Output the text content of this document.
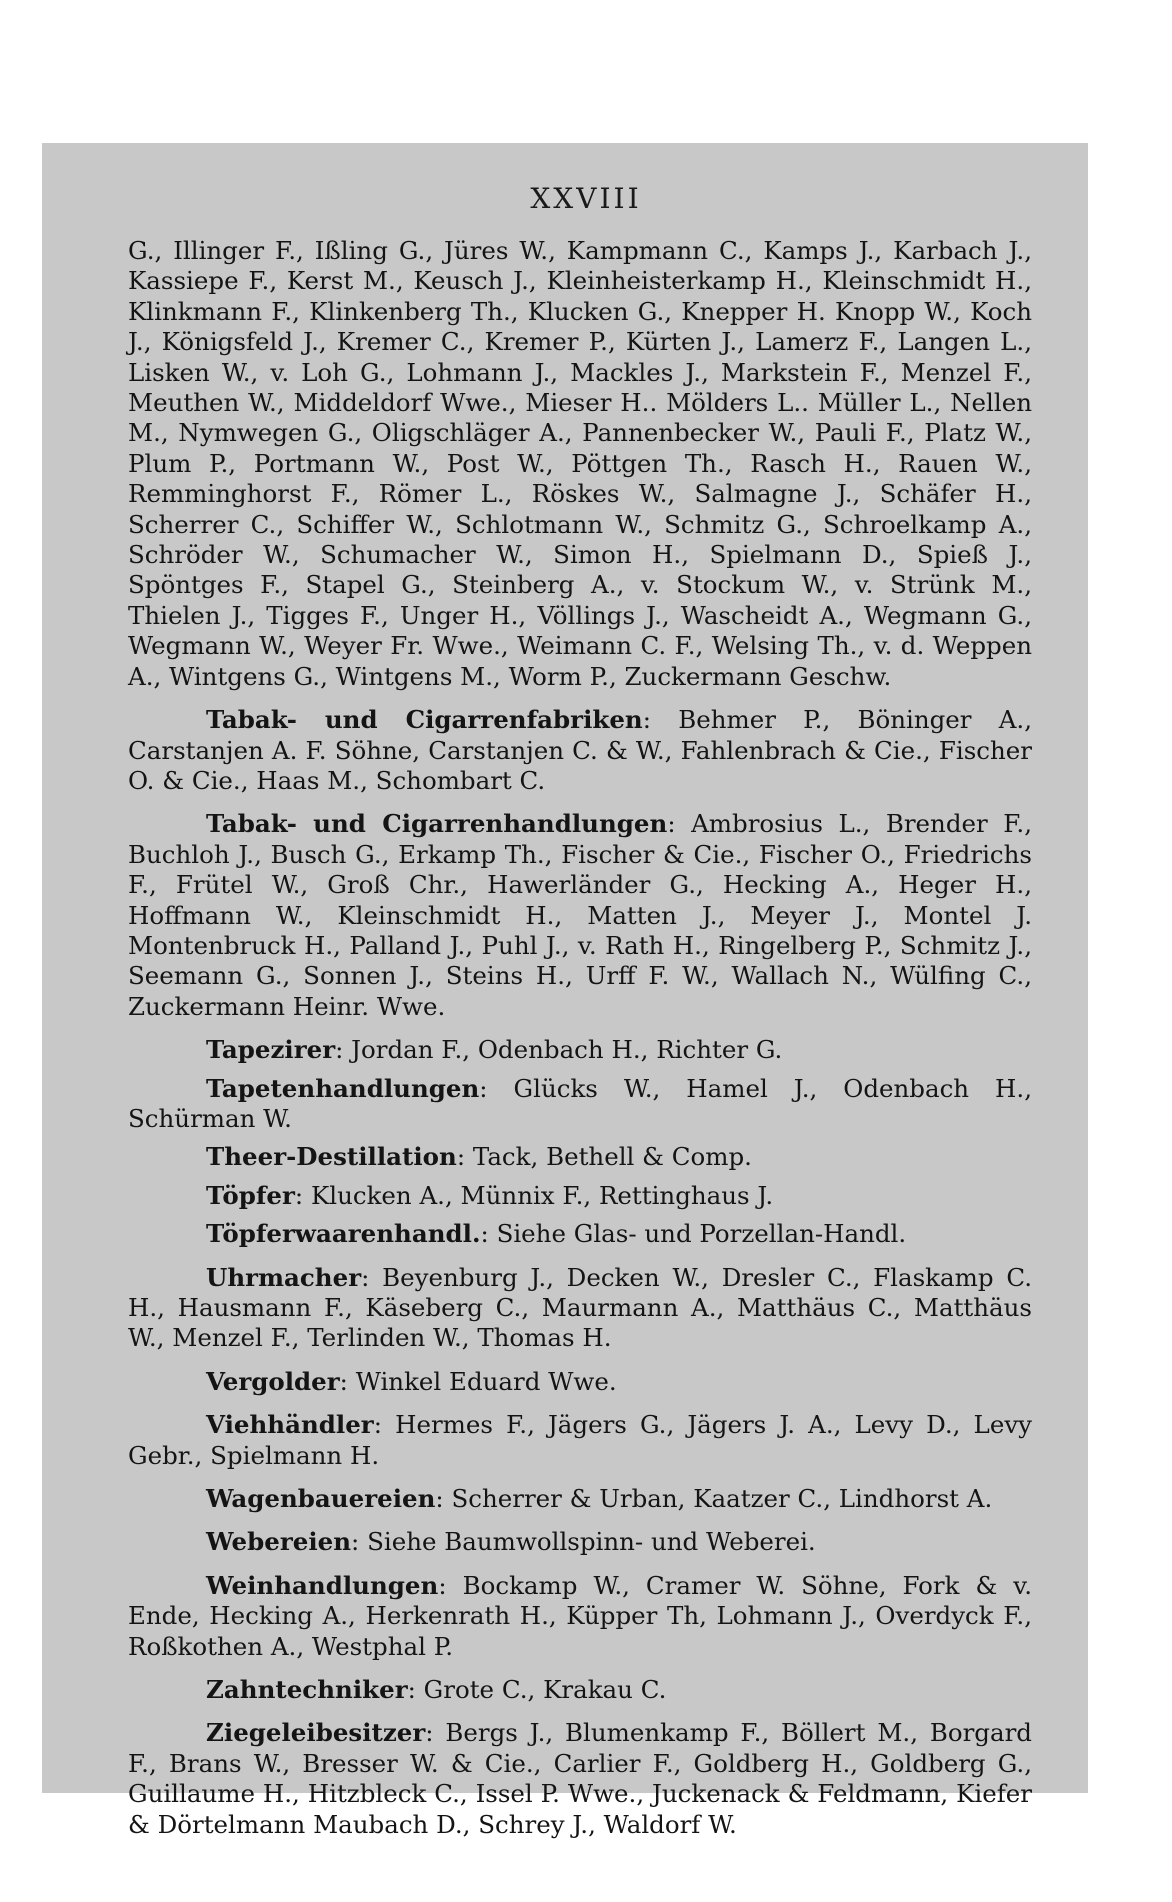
XXVIII

G., Illinger F., Ißling G., Jüres W., Kampmann C., Kamps J., Karbach J., Kassiepe F., Kerst M., Keusch J., Kleinheisterkamp H., Kleinschmidt H., Klinkmann F., Klinkenberg Th., Klucken G., Knepper H. Knopp W., Koch J., Königsfeld J., Kremer C., Kremer P., Kürten J., Lamerz F., Langen L., Lisken W., v. Loh G., Lohmann J., Mackles J., Markstein F., Menzel F., Meuthen W., Middeldorf Wwe., Mieser H.. Mölders L.. Müller L., Nellen M., Nymwegen G., Oligschläger A., Pannenbecker W., Pauli F., Platz W., Plum P., Portmann W., Post W., Pöttgen Th., Rasch H., Rauen W., Remminghorst F., Römer L., Röskes W., Salmagne J., Schäfer H., Scherrer C., Schiffer W., Schlotmann W., Schmitz G., Schroelkamp A., Schröder W., Schumacher W., Simon H., Spielmann D., Spieß J., Spöntges F., Stapel G., Steinberg A., v. Stockum W., v. Strünk M., Thielen J., Tigges F., Unger H., Völlings J., Wascheidt A., Wegmann G., Wegmann W., Weyer Fr. Wwe., Weimann C. F., Welsing Th., v. d. Weppen A., Wintgens G., Wintgens M., Worm P., Zuckermann Geschw.

Tabak- und Cigarrenfabriken: Behmer P., Böninger A., Carstanjen A. F. Söhne, Carstanjen C. & W., Fahlenbrach & Cie., Fischer O. & Cie., Haas M., Schombart C.

Tabak- und Cigarrenhandlungen: Ambrosius L., Brender F., Buchloh J., Busch G., Erkamp Th., Fischer & Cie., Fischer O., Friedrichs F., Frütel W., Groß Chr., Hawerländer G., Hecking A., Heger H., Hoffmann W., Kleinschmidt H., Matten J., Meyer J., Montel J. Montenbruck H., Palland J., Puhl J., v. Rath H., Ringelberg P., Schmitz J., Seemann G., Sonnen J., Steins H., Urff F. W., Wallach N., Wülfing C., Zuckermann Heinr. Wwe.

Tapezirer: Jordan F., Odenbach H., Richter G.

Tapetenhandlungen: Glücks W., Hamel J., Odenbach H., Schürman W.

Theer-Destillation: Tack, Bethell & Comp.

Töpfer: Klucken A., Münnix F., Rettinghaus J.

Töpferwaarenhandl.: Siehe Glas- und Porzellan-Handl.

Uhrmacher: Beyenburg J., Decken W., Dresler C., Flaskamp C. H., Hausmann F., Käseberg C., Maurmann A., Matthäus C., Matthäus W., Menzel F., Terlinden W., Thomas H.

Vergolder: Winkel Eduard Wwe.

Viehhändler: Hermes F., Jägers G., Jägers J. A., Levy D., Levy Gebr., Spielmann H.

Wagenbauereien: Scherrer & Urban, Kaatzer C., Lindhorst A.

Webereien: Siehe Baumwollspinn- und Weberei.

Weinhandlungen: Bockamp W., Cramer W. Söhne, Fork & v. Ende, Hecking A., Herkenrath H., Küpper Th, Lohmann J., Overdyck F., Roßkothen A., Westphal P.

Zahntechniker: Grote C., Krakau C.

Ziegeleibesitzer: Bergs J., Blumenkamp F., Böllert M., Borgard F., Brans W., Bresser W. & Cie., Carlier F., Goldberg H., Goldberg G., Guillaume H., Hitzbleck C., Issel P. Wwe., Juckenack & Feldmann, Kiefer & Dörtelmann Maubach D., Schrey J., Waldorf W.
